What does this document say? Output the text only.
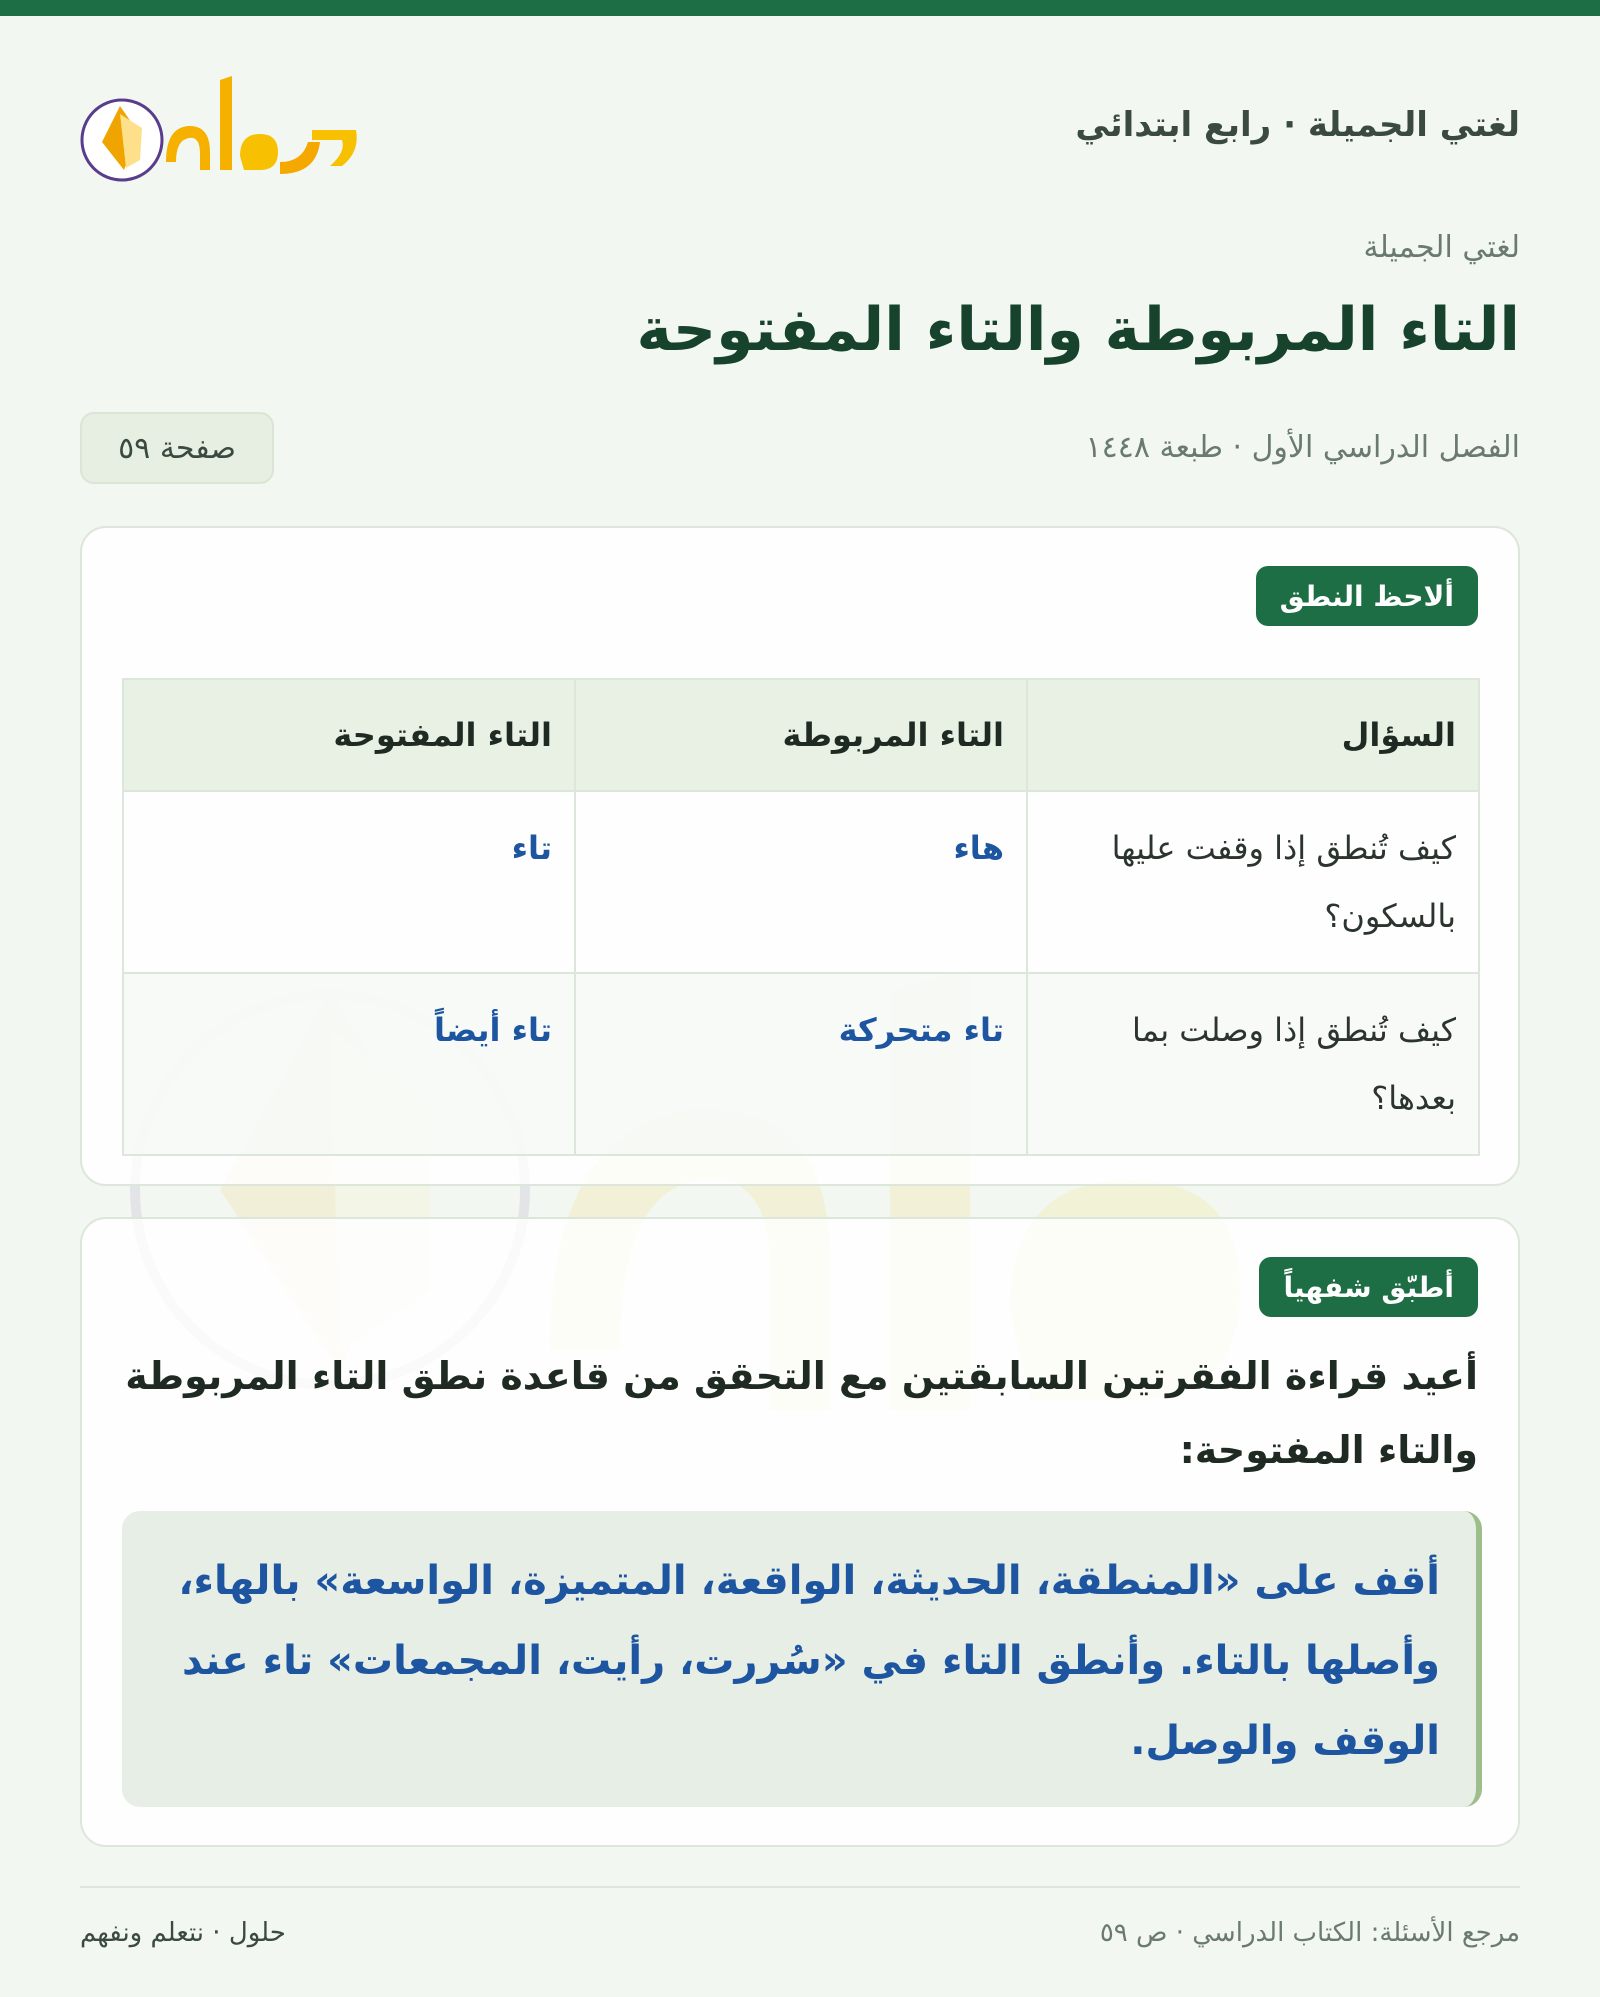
لغتي الجميلة · رابع ابتدائي
لغتي الجميلة
التاء المربوطة والتاء المفتوحة
الفصل الدراسي الأول · طبعة ١٤٤٨
صفحة ٥٩
ألاحظ النطق
السؤال	التاء المربوطة	التاء المفتوحة
كيف تُنطق إذا وقفت عليها بالسكون؟	هاء	تاء
كيف تُنطق إذا وصلت بما بعدها؟	تاء متحركة	تاء أيضاً
أطبّق شفهياً

أعيد قراءة الفقرتين السابقتين مع التحقق من قاعدة نطق التاء المربوطة والتاء المفتوحة:

أقف على «المنطقة، الحديثة، الواقعة، المتميزة، الواسعة» بالهاء، وأصلها بالتاء. وأنطق التاء في «سُررت، رأيت، المجمعات» تاء عند الوقف والوصل.
مرجع الأسئلة: الكتاب الدراسي · ص ٥٩
حلول · نتعلم ونفهم
